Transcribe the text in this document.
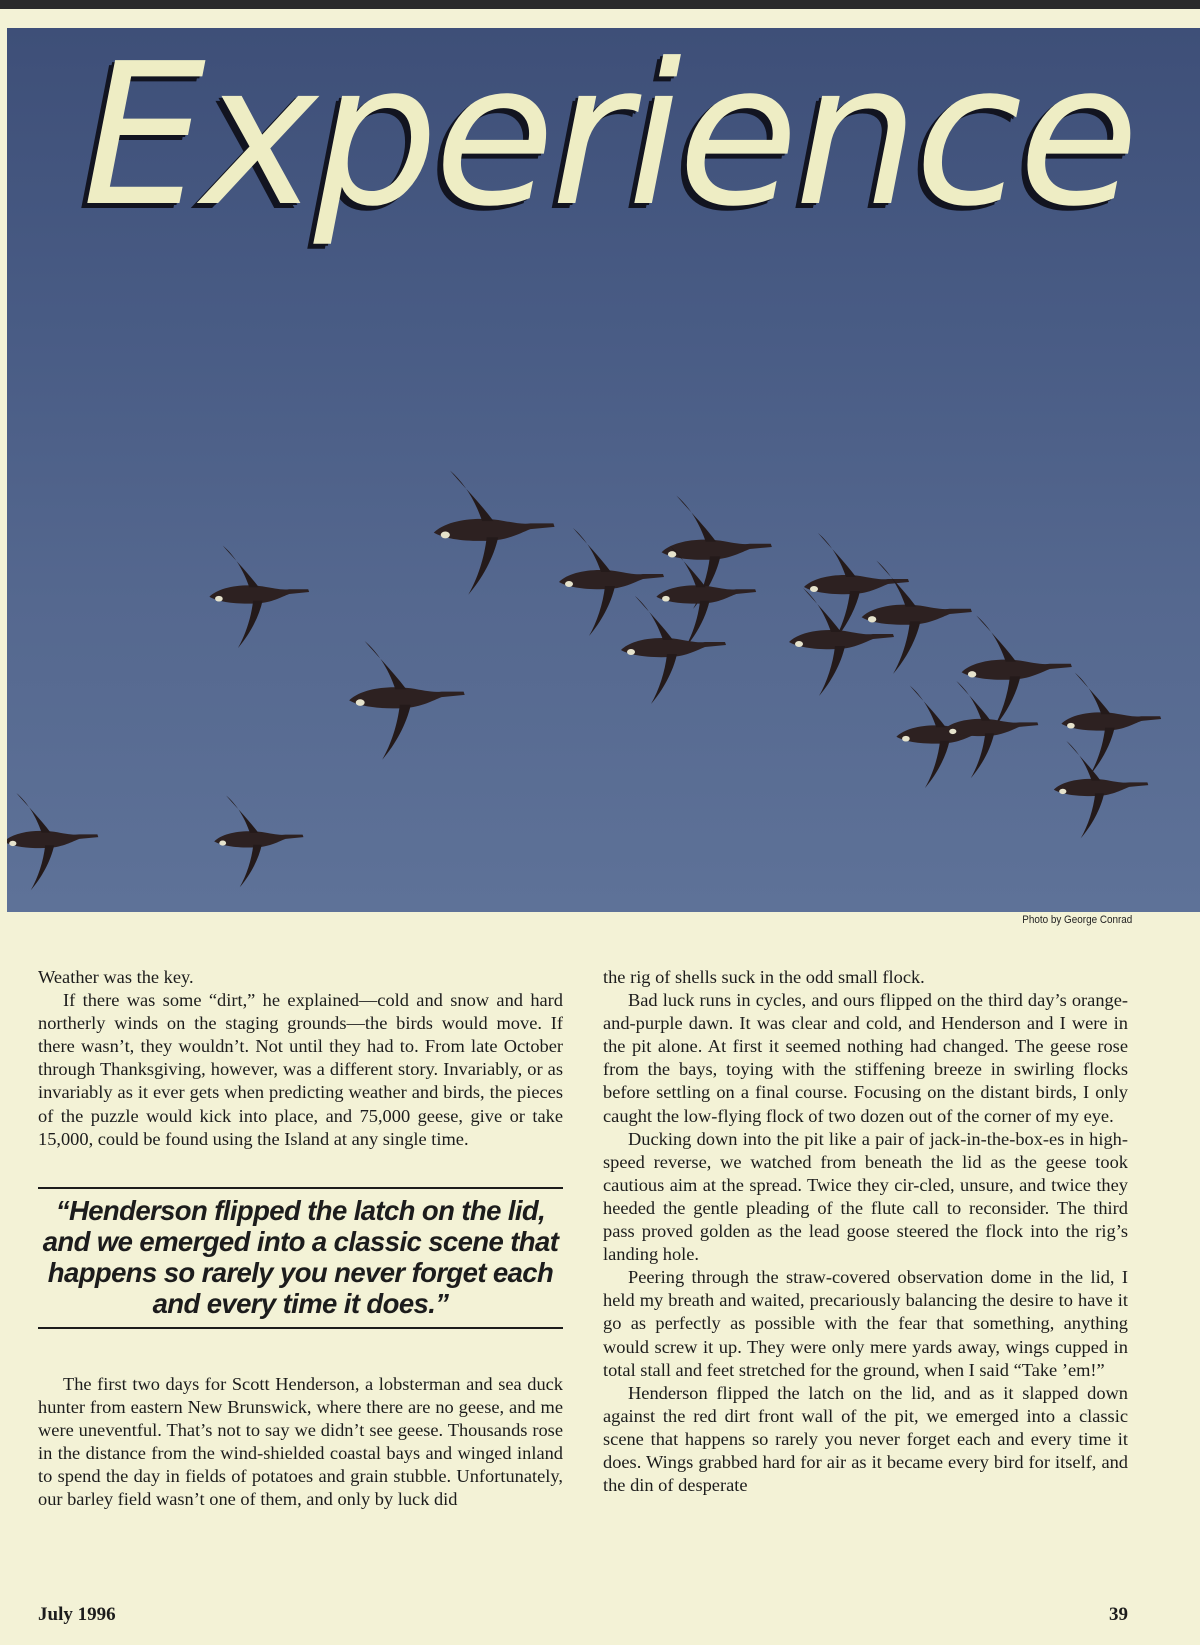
Experience
Photo by George Conrad

Weather was the key.

If there was some “dirt,” he explained—cold and snow and hard northerly winds on the staging grounds—the birds would move. If there wasn’t, they wouldn’t. Not until they had to. From late October through Thanksgiving, however, was a different story. Invariably, or as invariably as it ever gets when predicting weather and birds, the pieces of the puzzle would kick into place, and 75,000 geese, give or take 15,000, could be found using the Island at any single time.

“Henderson flipped the latch on the lid, and we emerged into a classic scene that happens so rarely you never forget each and every time it does.”

The first two days for Scott Henderson, a lobsterman and sea duck hunter from eastern New Brunswick, where there are no geese, and me were uneventful. That’s not to say we didn’t see geese. Thousands rose in the distance from the wind-shielded coastal bays and winged inland to spend the day in fields of potatoes and grain stubble. Unfortunately, our barley field wasn’t one of them, and only by luck did

the rig of shells suck in the odd small flock.

Bad luck runs in cycles, and ours flipped on the third day’s orange-and-purple dawn. It was clear and cold, and Henderson and I were in the pit alone. At first it seemed nothing had changed. The geese rose from the bays, toying with the stiffening breeze in swirling flocks before settling on a final course. Focusing on the distant birds, I only caught the low-flying flock of two dozen out of the corner of my eye.

Ducking down into the pit like a pair of jack-in-the-box-es in high-speed reverse, we watched from beneath the lid as the geese took cautious aim at the spread. Twice they cir-cled, unsure, and twice they heeded the gentle pleading of the flute call to reconsider. The third pass proved golden as the lead goose steered the flock into the rig’s landing hole.

Peering through the straw-covered observation dome in the lid, I held my breath and waited, precariously balancing the desire to have it go as perfectly as possible with the fear that something, anything would screw it up. They were only mere yards away, wings cupped in total stall and feet stretched for the ground, when I said “Take ’em!”

Henderson flipped the latch on the lid, and as it slapped down against the red dirt front wall of the pit, we emerged into a classic scene that happens so rarely you never forget each and every time it does. Wings grabbed hard for air as it became every bird for itself, and the din of desperate

July 1996	39
